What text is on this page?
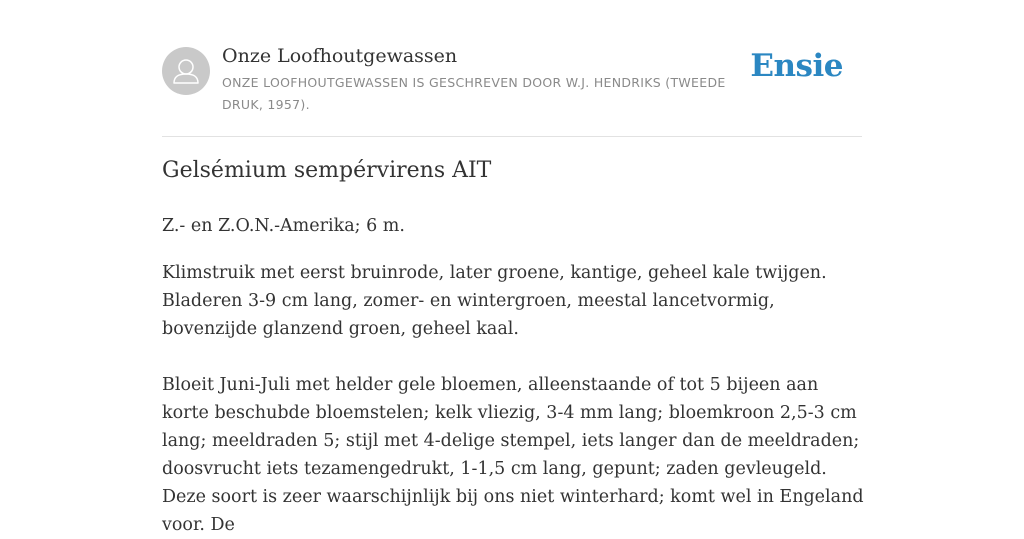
Onze Loofhoutgewassen
ONZE LOOFHOUTGEWASSEN IS GESCHREVEN DOOR W.J. HENDRIKS (TWEEDE DRUK, 1957).
Ensie
Gelsémium sempérvirens AIT

Z.- en Z.O.N.-Amerika; 6 m.

Klimstruik met eerst bruinrode, later groene, kantige, geheel kale twijgen. Bladeren 3-9 cm lang, zomer- en wintergroen, meestal lancetvormig, bovenzijde glanzend groen, geheel kaal.

Bloeit Juni-Juli met helder gele bloemen, alleenstaande of tot 5 bijeen aan korte beschubde bloemstelen; kelk vliezig, 3-4 mm lang; bloemkroon 2,5-3 cm lang; meeldraden 5; stijl met 4-delige stempel, iets langer dan de meeldraden; doosvrucht iets tezamengedrukt, 1-1,5 cm lang, gepunt; zaden gevleugeld. Deze soort is zeer waarschijnlijk bij ons niet winterhard; komt wel in Engeland voor. De
